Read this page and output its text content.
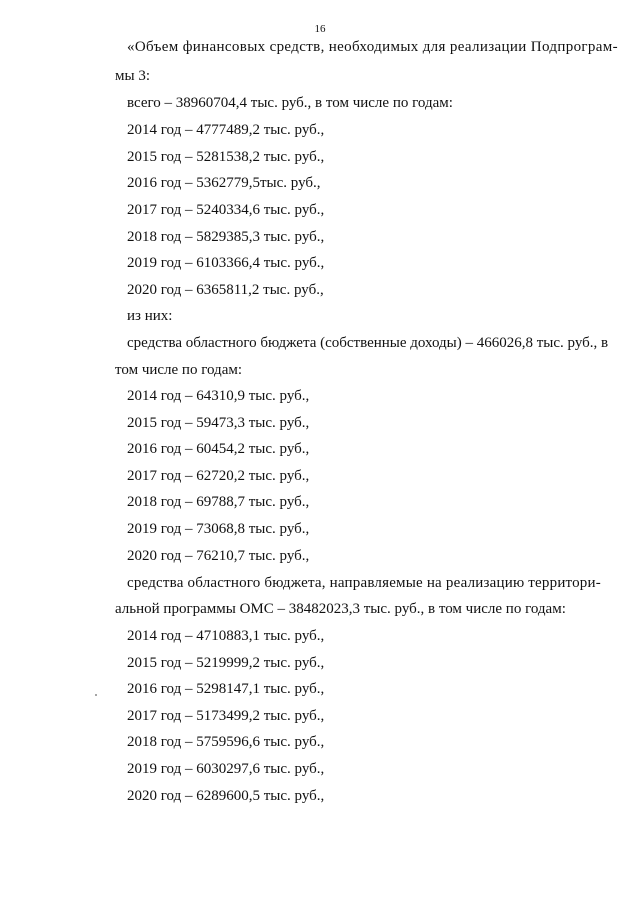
16
«Объем финансовых средств, необходимых для реализации Подпрограм-
мы 3:
всего – 38960704,4 тыс. руб., в том числе по годам:
2014 год – 4777489,2 тыс. руб.,
2015 год – 5281538,2 тыс. руб.,
2016 год – 5362779,5тыс. руб.,
2017 год – 5240334,6 тыс. руб.,
2018 год – 5829385,3 тыс. руб.,
2019 год – 6103366,4 тыс. руб.,
2020 год – 6365811,2 тыс. руб.,
из них:
средства областного бюджета (собственные доходы) – 466026,8 тыс. руб., в
том числе по годам:
2014 год – 64310,9 тыс. руб.,
2015 год – 59473,3 тыс. руб.,
2016 год – 60454,2 тыс. руб.,
2017 год – 62720,2 тыс. руб.,
2018 год – 69788,7 тыс. руб.,
2019 год – 73068,8 тыс. руб.,
2020 год – 76210,7 тыс. руб.,
средства областного бюджета, направляемые на реализацию территори-
альной программы ОМС – 38482023,3 тыс. руб., в том числе по годам:
2014 год – 4710883,1 тыс. руб.,
2015 год – 5219999,2 тыс. руб.,
2016 год – 5298147,1 тыс. руб.,
2017 год – 5173499,2 тыс. руб.,
2018 год – 5759596,6 тыс. руб.,
2019 год – 6030297,6 тыс. руб.,
2020 год – 6289600,5 тыс. руб.,
